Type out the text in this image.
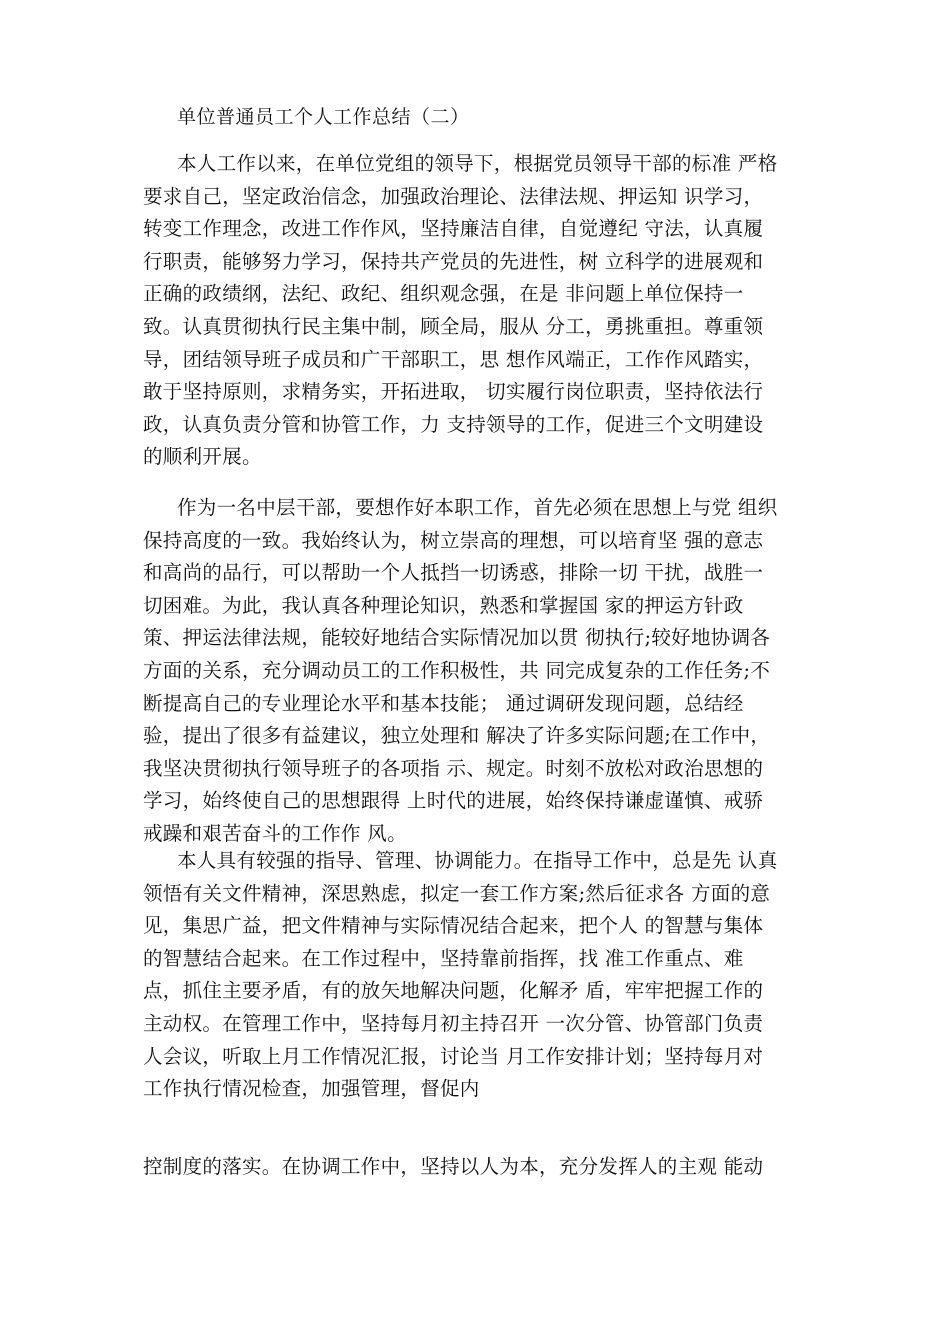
单位普通员工个人工作总结（二）
本人工作以来，在单位党组的领导下，根据党员领导干部的标准 严格
要求自己，坚定政治信念，加强政治理论、法律法规、押运知 识学习，
转变工作理念，改进工作作风，坚持廉洁自律，自觉遵纪 守法，认真履
行职责，能够努力学习，保持共产党员的先进性，树 立科学的进展观和
正确的政绩纲，法纪、政纪、组织观念强，在是 非问题上单位保持一
致。认真贯彻执行民主集中制，顾全局，服从 分工，勇挑重担。尊重领
导，团结领导班子成员和广干部职工，思 想作风端正，工作作风踏实，
敢于坚持原则，求精务实，开拓进取， 切实履行岗位职责，坚持依法行
政，认真负责分管和协管工作，力 支持领导的工作，促进三个文明建设
的顺利开展。
作为一名中层干部，要想作好本职工作，首先必须在思想上与党 组织
保持高度的一致。我始终认为，树立崇高的理想，可以培育坚 强的意志
和高尚的品行，可以帮助一个人抵挡一切诱惑，排除一切 干扰，战胜一
切困难。为此，我认真各种理论知识，熟悉和掌握国 家的押运方针政
策、押运法律法规，能较好地结合实际情况加以贯 彻执行;较好地协调各
方面的关系，充分调动员工的工作积极性，共 同完成复杂的工作任务;不
断提高自己的专业理论水平和基本技能； 通过调研发现问题，总结经
验，提出了很多有益建议，独立处理和 解决了许多实际问题;在工作中，
我坚决贯彻执行领导班子的各项指 示、规定。时刻不放松对政治思想的
学习，始终使自己的思想跟得 上时代的进展，始终保持谦虚谨慎、戒骄
戒躁和艰苦奋斗的工作作 风。
本人具有较强的指导、管理、协调能力。在指导工作中，总是先 认真
领悟有关文件精神，深思熟虑，拟定一套工作方案;然后征求各 方面的意
见，集思广益，把文件精神与实际情况结合起来，把个人 的智慧与集体
的智慧结合起来。在工作过程中，坚持靠前指挥，找 准工作重点、难
点，抓住主要矛盾，有的放矢地解决问题，化解矛 盾，牢牢把握工作的
主动权。在管理工作中，坚持每月初主持召开 一次分管、协管部门负责
人会议，听取上月工作情况汇报，讨论当 月工作安排计划；坚持每月对
工作执行情况检查，加强管理，督促内
控制度的落实。在协调工作中，坚持以人为本，充分发挥人的主观 能动
